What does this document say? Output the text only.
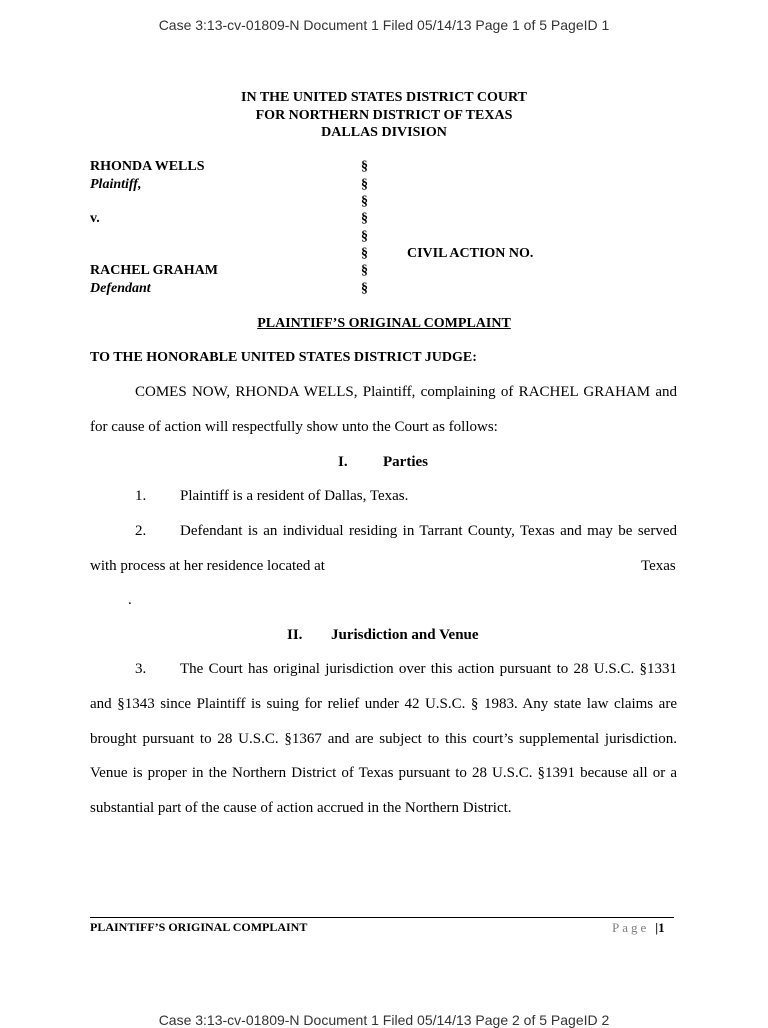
Case 3:13-cv-01809-N Document 1 Filed 05/14/13 Page 1 of 5 PageID 1
IN THE UNITED STATES DISTRICT COURT
FOR NORTHERN DISTRICT OF TEXAS
DALLAS DIVISION
RHONDA WELLS
Plaintiff,
v.
RACHEL GRAHAM
Defendant
§
§
§
§
§
§
§
§
CIVIL ACTION NO.
PLAINTIFF’S ORIGINAL COMPLAINT
TO THE HONORABLE UNITED STATES DISTRICT JUDGE:
COMES NOW, RHONDA WELLS, Plaintiff, complaining of RACHEL GRAHAM and
for cause of action will respectfully show unto the Court as follows:
I. Parties
1. Plaintiff is a resident of Dallas, Texas.
2. Defendant is an individual residing in Tarrant County, Texas and may be served
with process at her residence located at	Texas
.
II. Jurisdiction and Venue
3. The Court has original jurisdiction over this action pursuant to 28 U.S.C. §1331
and §1343 since Plaintiff is suing for relief under 42 U.S.C. § 1983. Any state law claims are
brought pursuant to 28 U.S.C. §1367 and are subject to this court’s supplemental jurisdiction.
Venue is proper in the Northern District of Texas pursuant to 28 U.S.C. §1391 because all or a
substantial part of the cause of action accrued in the Northern District.
PLAINTIFF’S ORIGINAL COMPLAINT	Page |1
Case 3:13-cv-01809-N Document 1 Filed 05/14/13 Page 2 of 5 PageID 2
